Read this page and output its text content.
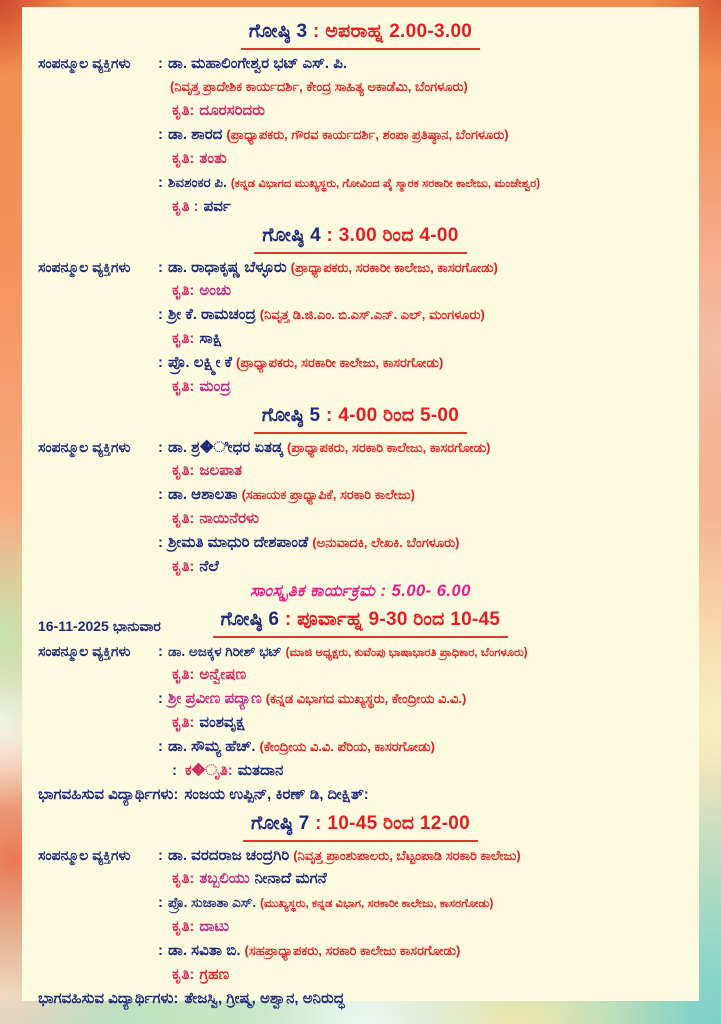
ಗೋಷ್ಠಿ 3 : ಅಪರಾಹ್ನ 2.00-3.00
ಸಂಪನ್ಮೂಲ ವ್ಯಕ್ತಿಗಳು : ಡಾ. ಮಹಾಲಿಂಗೇಶ್ವರ ಭಟ್ ಎಸ್. ಪಿ.
(ನಿವೃತ್ತ ಪ್ರಾದೇಶಿಕ ಕಾರ್ಯದರ್ಶಿ, ಕೇಂದ್ರ ಸಾಹಿತ್ಯ ಅಕಾಡೆಮಿ, ಬೆಂಗಳೂರು)
ಕೃತಿ: ದೂರಸರಿದರು
: ಡಾ. ಶಾರದ (ಪ್ರಾಧ್ಯಾಪಕರು, ಗೌರವ ಕಾರ್ಯದರ್ಶಿ, ಶಂಪಾ ಪ್ರತಿಷ್ಠಾನ, ಬೆಂಗಳೂರು)
ಕೃತಿ: ತಂತು
: ಶಿವಶಂಕರ ಪಿ. (ಕನ್ನಡ ವಿಭಾಗದ ಮುಖ್ಯಸ್ಥರು, ಗೋವಿಂದ ಪೈ ಸ್ಮಾರಕ ಸರಕಾರೀ ಕಾಲೇಜು, ಮಂಜೇಶ್ವರ)
ಕೃತಿ : ಪರ್ವ
ಗೋಷ್ಠಿ 4 : 3.00 ರಿಂದ 4-00
ಸಂಪನ್ಮೂಲ ವ್ಯಕ್ತಿಗಳು : ಡಾ. ರಾಧಾಕೃಷ್ಣ ಬೆಳ್ಳೂರು (ಪ್ರಾಧ್ಯಾಪಕರು, ಸರಕಾರೀ ಕಾಲೇಜು, ಕಾಸರಗೋಡು)
ಕೃತಿ: ಅಂಚು
: ಶ್ರೀ ಕೆ. ರಾಮಚಂದ್ರ (ನಿವೃತ್ತ ಡಿ.ಜಿ.ಎಂ. ಬಿ.ಎಸ್.ಎನ್. ಎಲ್, ಮಂಗಳೂರು)
ಕೃತಿ: ಸಾಕ್ಷಿ
: ಪ್ರೊ. ಲಕ್ಷ್ಮೀ ಕೆ (ಪ್ರಾಧ್ಯಾಪಕರು, ಸರಕಾರೀ ಕಾಲೇಜು, ಕಾಸರಗೋಡು)
ಕೃತಿ: ಮಂದ್ರ
ಗೋಷ್ಠಿ 5 : 4-00 ರಿಂದ 5-00
ಸಂಪನ್ಮೂಲ ವ್ಯಕ್ತಿಗಳು : ಡಾ. ಶ್ರ�ೀಧರ ಏತಡ್ಕ (ಪ್ರಾಧ್ಯಾಪಕರು, ಸರಕಾರಿ ಕಾಲೇಜು, ಕಾಸರಗೋಡು)
ಕೃತಿ: ಜಲಪಾತ
: ಡಾ. ಆಶಾಲತಾ (ಸಹಾಯಕ ಪ್ರಾಧ್ಯಾಪಿಕೆ, ಸರಕಾರಿ ಕಾಲೇಜು)
ಕೃತಿ: ನಾಯಿನೆರಳು
: ಶ್ರೀಮತಿ ಮಾಧುರಿ ದೇಶಪಾಂಡೆ (ಅನುವಾದಕಿ, ಲೇಖಕಿ. ಬೆಂಗಳೂರು)
ಕೃತಿ: ನೆಲೆ
ಸಾಂಸ್ಕೃತಿಕ ಕಾರ್ಯಕ್ರಮ : 5.00- 6.00
16-11-2025 ಭಾನುವಾರ	ಗೋಷ್ಠಿ 6 : ಪೂರ್ವಾಹ್ನ 9-30 ರಿಂದ 10-45
ಸಂಪನ್ಮೂಲ ವ್ಯಕ್ತಿಗಳು : ಡಾ. ಅಜಕ್ಕಳ ಗಿರೀಶ್ ಭಟ್ (ಮಾಜಿ ಅಧ್ಯಕ್ಷರು, ಕುವೆಂಪು ಭಾಷಾಭಾರತಿ ಪ್ರಾಧಿಕಾರ, ಬೆಂಗಳೂರು)
ಕೃತಿ: ಅನ್ವೇಷಣ
: ಶ್ರೀ ಪ್ರವೀಣ ಪದ್ಯಾಣ (ಕನ್ನಡ ವಿಭಾಗದ ಮುಖ್ಯಸ್ಥರು, ಕೇಂದ್ರೀಯ ವಿ.ವಿ.)
ಕೃತಿ: ವಂಶವೃಕ್ಷ
: ಡಾ. ಸೌಮ್ಯ ಹೆಚ್. (ಕೇಂದ್ರೀಯ ವಿ.ವಿ. ಪೆರಿಯ, ಕಾಸರಗೋಡು)
: ಕ�ೃತಿ: ಮತದಾನ
ಭಾಗವಹಿಸುವ ವಿದ್ಯಾರ್ಥಿಗಳು: ಸಂಜಯ ಉಪ್ಪಿನ್, ಕಿರಣ್ ಡಿ, ದೀಕ್ಷಿತ್:
ಗೋಷ್ಠಿ 7 : 10-45 ರಿಂದ 12-00
ಸಂಪನ್ಮೂಲ ವ್ಯಕ್ತಿಗಳು : ಡಾ. ವರದರಾಜ ಚಂದ್ರಗಿರಿ (ನಿವೃತ್ತ ಪ್ರಾಂಶುಪಾಲರು, ಬೆಟ್ಟಂಪಾಡಿ ಸರಕಾರಿ ಕಾಲೇಜು)
ಕೃತಿ: ತಬ್ಬಲಿಯು ನೀನಾದೆ ಮಗನೆ
: ಪ್ರೊ. ಸುಜಾತಾ ಎಸ್. (ಮುಖ್ಯಸ್ಥರು, ಕನ್ನಡ ವಿಭಾಗ, ಸರಕಾರೀ ಕಾಲೇಜು, ಕಾಸರಗೋಡು)
ಕೃತಿ: ದಾಟು
: ಡಾ. ಸವಿತಾ ಬಿ. (ಸಹಪ್ರಾಧ್ಯಾಪಕರು, ಸರಕಾರಿ ಕಾಲೇಜು ಕಾಸರಗೋಡು)
ಕೃತಿ: ಗ್ರಹಣ
ಭಾಗವಹಿಸುವ ವಿದ್ಯಾರ್ಥಿಗಳು: ತೇಜಸ್ವಿ, ಗ್ರೀಷ್ಮ, ಅಶ್ವಾನ, ಅನಿರುದ್ಧ
